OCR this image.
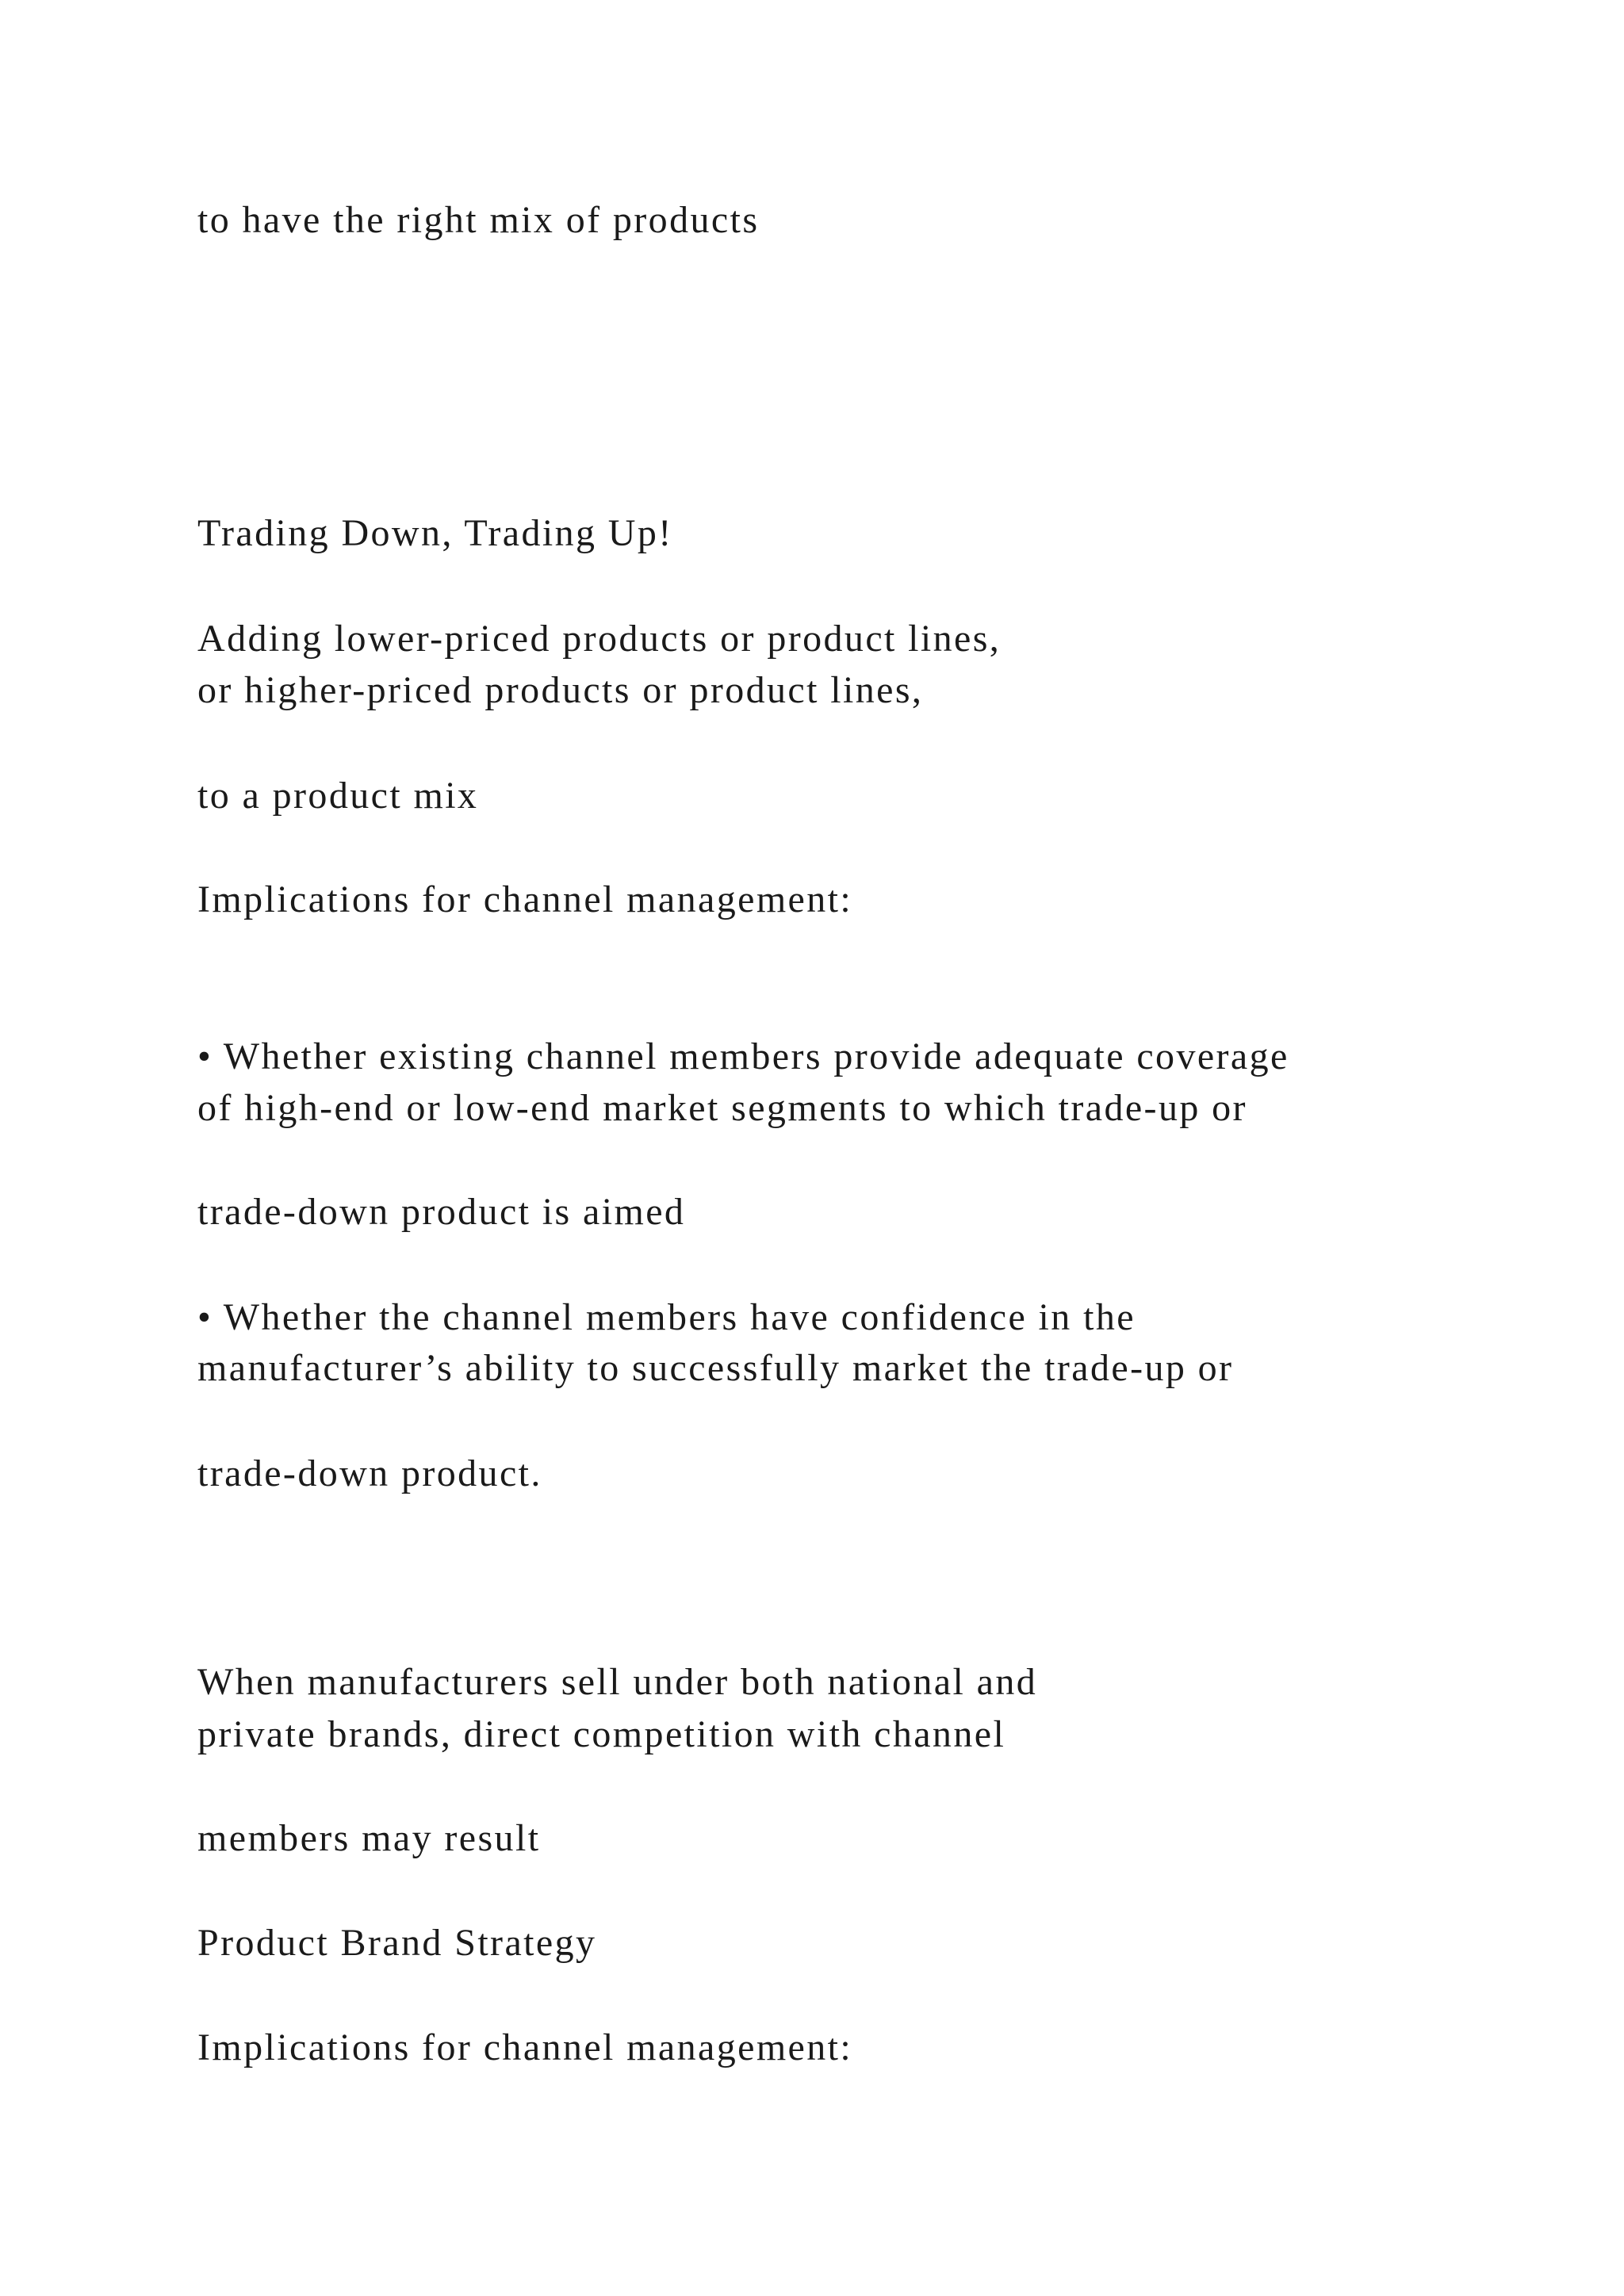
to have the right mix of products

Trading Down, Trading Up!

Adding lower-priced products or product lines,

or higher-priced products or product lines,

to a product mix

Implications for channel management:

• Whether existing channel members provide adequate coverage

of high-end or low-end market segments to which trade-up or

trade-down product is aimed

• Whether the channel members have confidence in the

manufacturer’s ability to successfully market the trade-up or

trade-down product.

When manufacturers sell under both national and

private brands, direct competition with channel

members may result

Product Brand Strategy

Implications for channel management:
